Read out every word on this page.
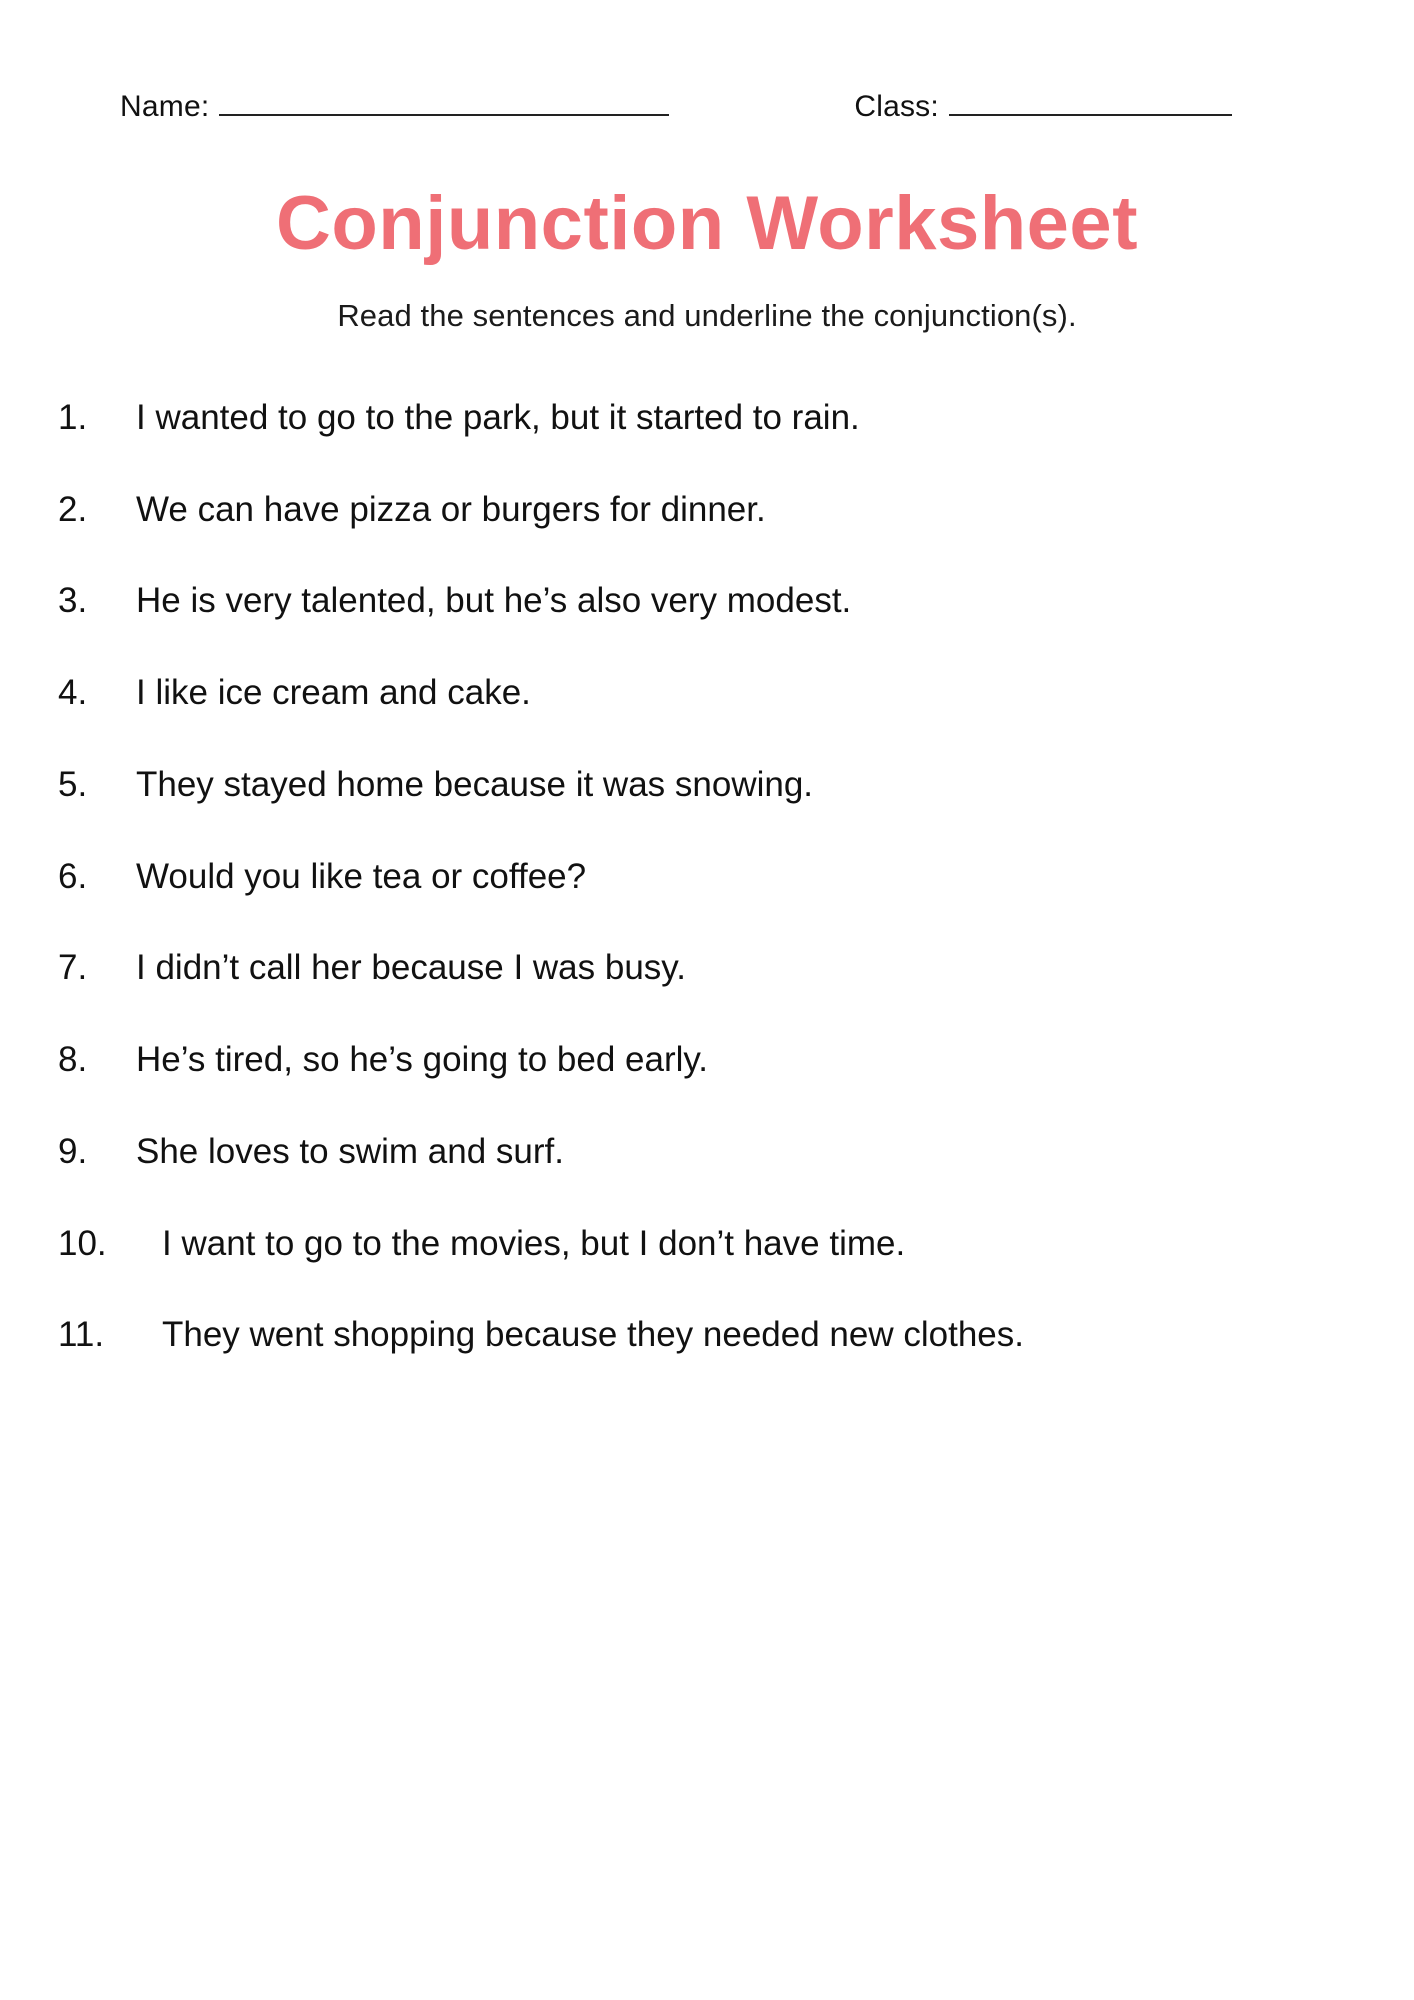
Name:	Class:
Conjunction Worksheet

Read the sentences and underline the conjunction(s).

1.	I wanted to go to the park, but it started to rain.
2.	We can have pizza or burgers for dinner.
3.	He is very talented, but he’s also very modest.
4.	I like ice cream and cake.
5.	They stayed home because it was snowing.
6.	Would you like tea or coffee?
7.	I didn’t call her because I was busy.
8.	He’s tired, so he’s going to bed early.
9.	She loves to swim and surf.
10.	I want to go to the movies, but I don’t have time.
11.	They went shopping because they needed new clothes.
